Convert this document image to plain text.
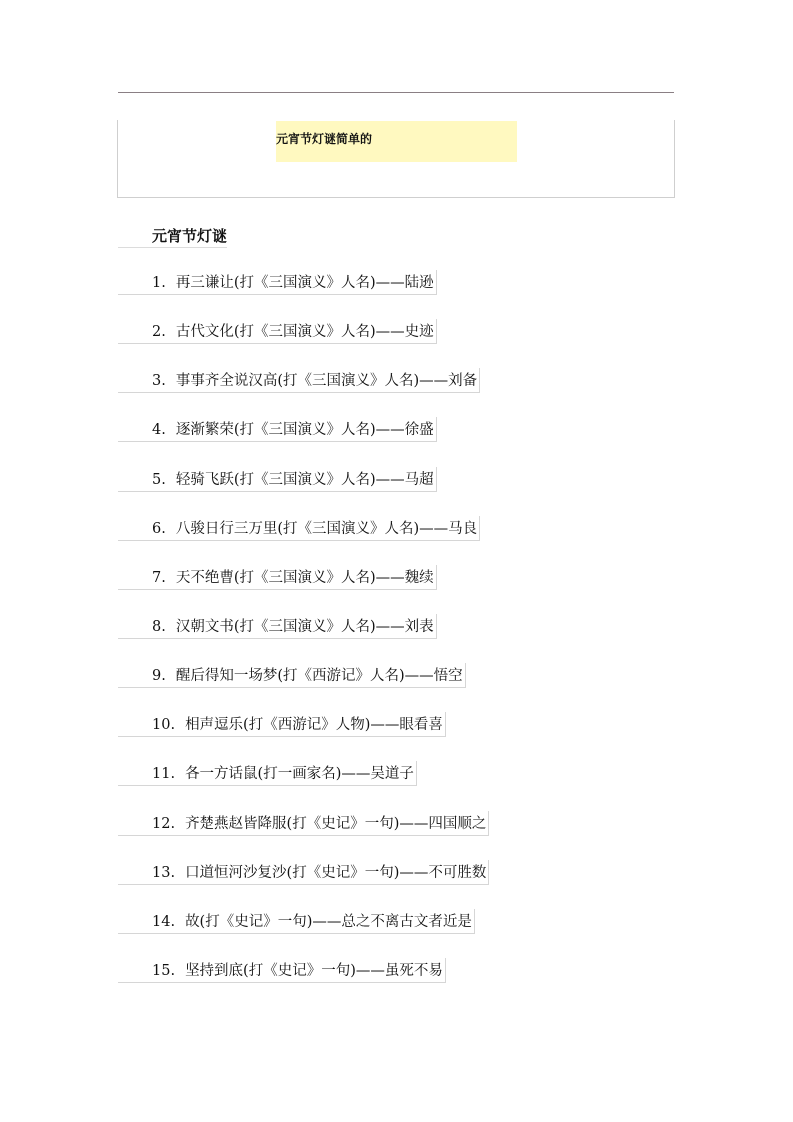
元宵节灯谜简单的
元宵节灯谜
1. 再三谦让(打《三国演义》人名)——陆逊
2. 古代文化(打《三国演义》人名)——史迹
3. 事事齐全说汉高(打《三国演义》人名)——刘备
4. 逐渐繁荣(打《三国演义》人名)——徐盛
5. 轻骑飞跃(打《三国演义》人名)——马超
6. 八骏日行三万里(打《三国演义》人名)——马良
7. 天不绝曹(打《三国演义》人名)——魏续
8. 汉朝文书(打《三国演义》人名)——刘表
9. 醒后得知一场梦(打《西游记》人名)——悟空
10. 相声逗乐(打《西游记》人物)——眼看喜
11. 各一方话鼠(打一画家名)——吴道子
12. 齐楚燕赵皆降服(打《史记》一句)——四国顺之
13. 口道恒河沙复沙(打《史记》一句)——不可胜数
14. 故(打《史记》一句)——总之不离古文者近是
15. 坚持到底(打《史记》一句)——虽死不易
